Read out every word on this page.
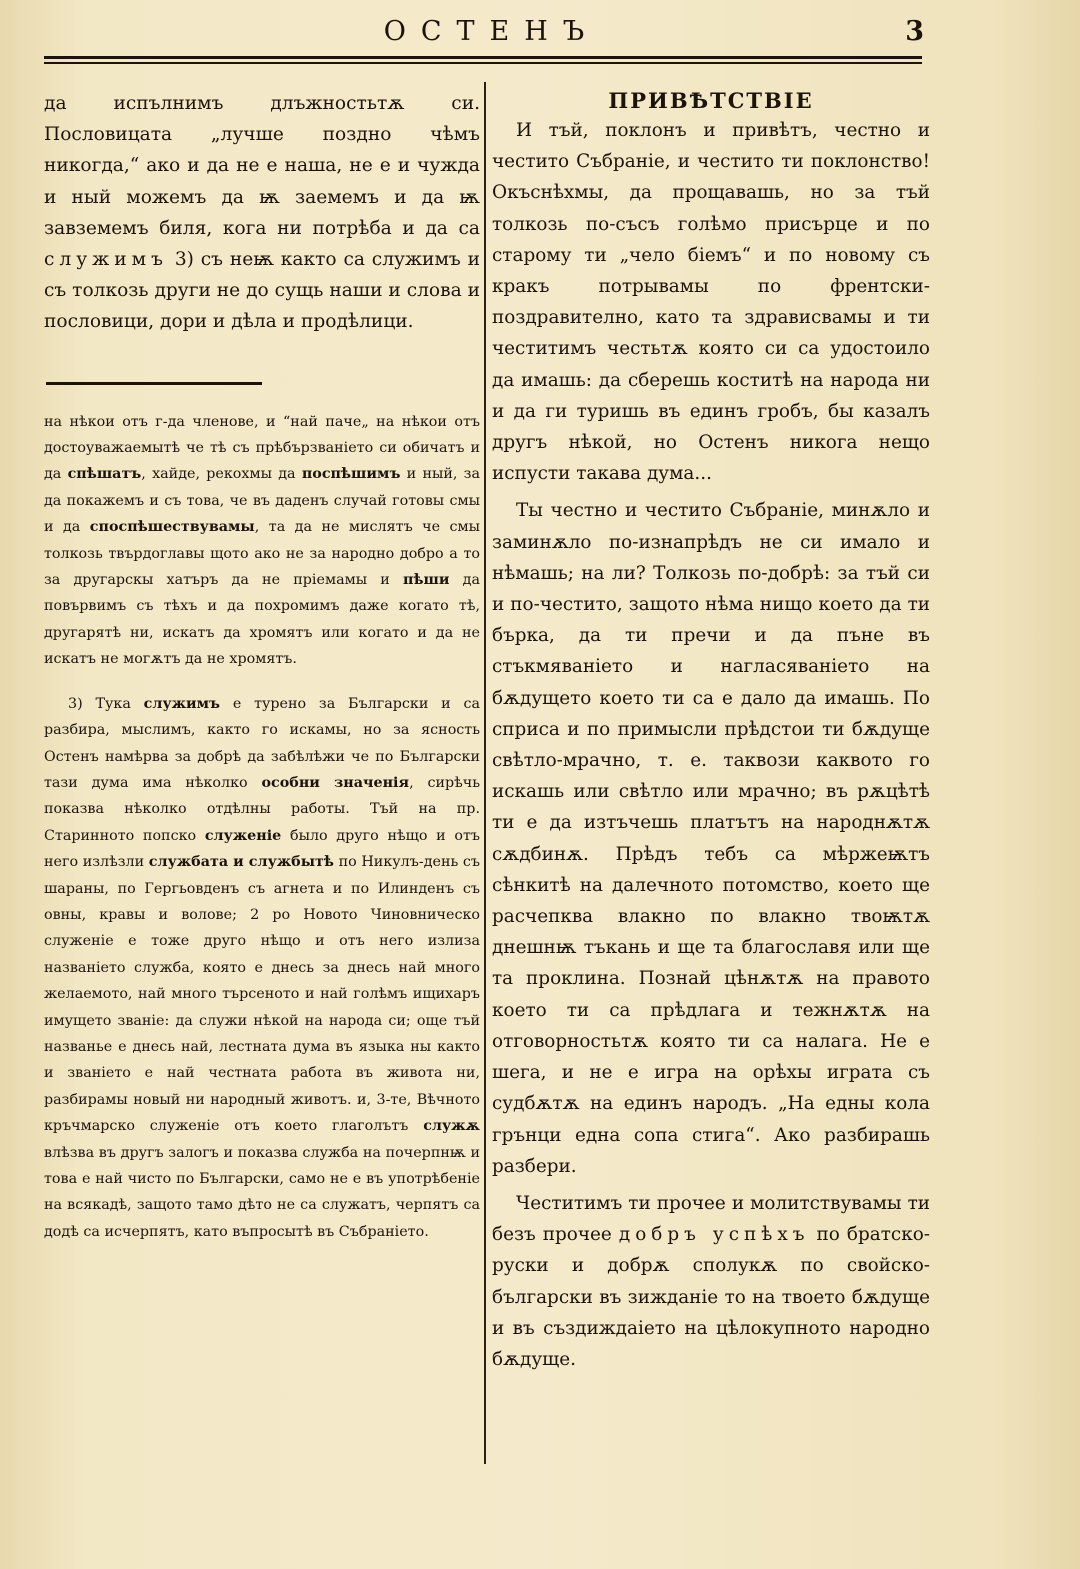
ОСТЕНЪ	3

да испълнимъ длъжностьтѫ си. Пословицата „лучше поздно чѣмъ никогда,“ ако и да не е наша, не е и чужда и ный можемъ да ѭ заемемъ и да ѭ завземемъ биля, кога ни потрѣба и да са служимъ 3) съ неѭ както са служимъ и съ толкозь други не до сущь наши и слова и пословици, дори и дѣла и продѣлици.

на нѣкои отъ г-да членове, и “най паче„ на нѣкои отъ достоуважаемытѣ че тѣ съ прѣбързванiето си обичатъ и да спѣшатъ, хайде, рекохмы да поспѣшимъ и ный, за да покажемъ и съ това, че въ даденъ случай готовы смы и да споспѣшествувамы, та да не мислятъ че смы толкозь твърдоглавы щото ако не за народно добро а то за другарскы хатъръ да не прiемамы и пѣши да повървимъ съ тѣхъ и да похромимъ даже когато тѣ, другарятѣ ни, искатъ да хромятъ или когато и да не искатъ не могѫтъ да не хромятъ.

3) Тука служимъ е турено за Български и са разбира, мыслимъ, както го искамы, но за ясность Остенъ намѣрва за добрѣ да забѣлѣжи че по Български тази дума има нѣколко особни значенiя, сирѣчь показва нѣколко отдѣлны работы. Тъй на пр. Старинното попско служенiе было друго нѣщо и отъ него излѣзли службата и службытѣ по Никулъ-день съ шараны, по Гергьовденъ съ агнета и по Илинденъ съ овны, кравы и волове; 2 ро Новото Чиновническо служенiе е тоже друго нѣщо и отъ него излиза названiето служба, която е днесь за днесь най много желаемото, най много търсеното и най голѣмъ ищихаръ имущето званiе: да служи нѣкой на народа си; още тъй названье е днесь най, лестната дума въ языка ны както и званiето е най честната работа въ живота ни, разбирамы новый ни народный животъ. и, 3-те, Вѣчното кръчмарско служенiе отъ което глаголътъ служѫ влѣзва въ другъ залогъ и показва служба на почерпнѭ и това е най чисто по Български, само не е въ употрѣбенiе на всякадѣ, защото тамо дѣто не са служатъ, черпятъ са додѣ са исчерпятъ, като въпросытѣ въ Събранiето.

ПРИВѢТСТВIЕ

И тъй, поклонъ и привѣтъ, честно и честито Събранiе, и честито ти поклонство! Окъснѣхмы, да прощавашь, но за тъй толкозь по-съсъ голѣмо присърце и по старому ти „чело бiемъ“ и по новому съ кракъ потрывамы по френтски-поздравително, като та здрависвамы и ти честитимъ честьтѫ която си са удостоило да имашь: да сберешь коститѣ на народа ни и да ги туришь въ единъ гробъ, бы казалъ другъ нѣкой, но Остенъ никога нещо испусти такава дума...

Ты честно и честито Събранiе, минѫло и заминѫло по-изнапрѣдъ не си имало и нѣмашь; на ли? Толкозь по-добрѣ: за тъй си и по-честито, защото нѣма нищо което да ти бърка, да ти пречи и да пъне въ стъкмяванiето и нагласяванiето на бѫдущето което ти са е дало да имашь. По сприса и по примысли прѣдстои ти бѫдуще свѣтло-мрачно, т. е. таквози каквото го искашь или свѣтло или мрачно; въ рѫцѣтѣ ти е да изтъчешь платътъ на народнѫтѫ сѫдбинѫ. Прѣдъ тебъ са мѣржеѭтъ сѣнкитѣ на далечното потомство, което ще расчепква влакно по влакно твоѭтѫ днешнѭ тъкань и ще та благославя или ще та проклина. Познай цѣнѫтѫ на правото което ти са прѣдлага и тежнѫтѫ на отговорностьтѫ която ти са налага. Не е шега, и не е игра на орѣхы играта съ судбѫтѫ на единъ народъ. „На едны кола грънци една сопа стига“. Ако разбирашь разбери.

Честитимъ ти прочее и молитствувамы ти безъ прочее добръ успѣхъ по братско-руски и добрѫ сполукѫ по свойско-български въ зижданiе то на твоето бѫдуще и въ създиждаiето на цѣлокупното народно бѫдуще.
